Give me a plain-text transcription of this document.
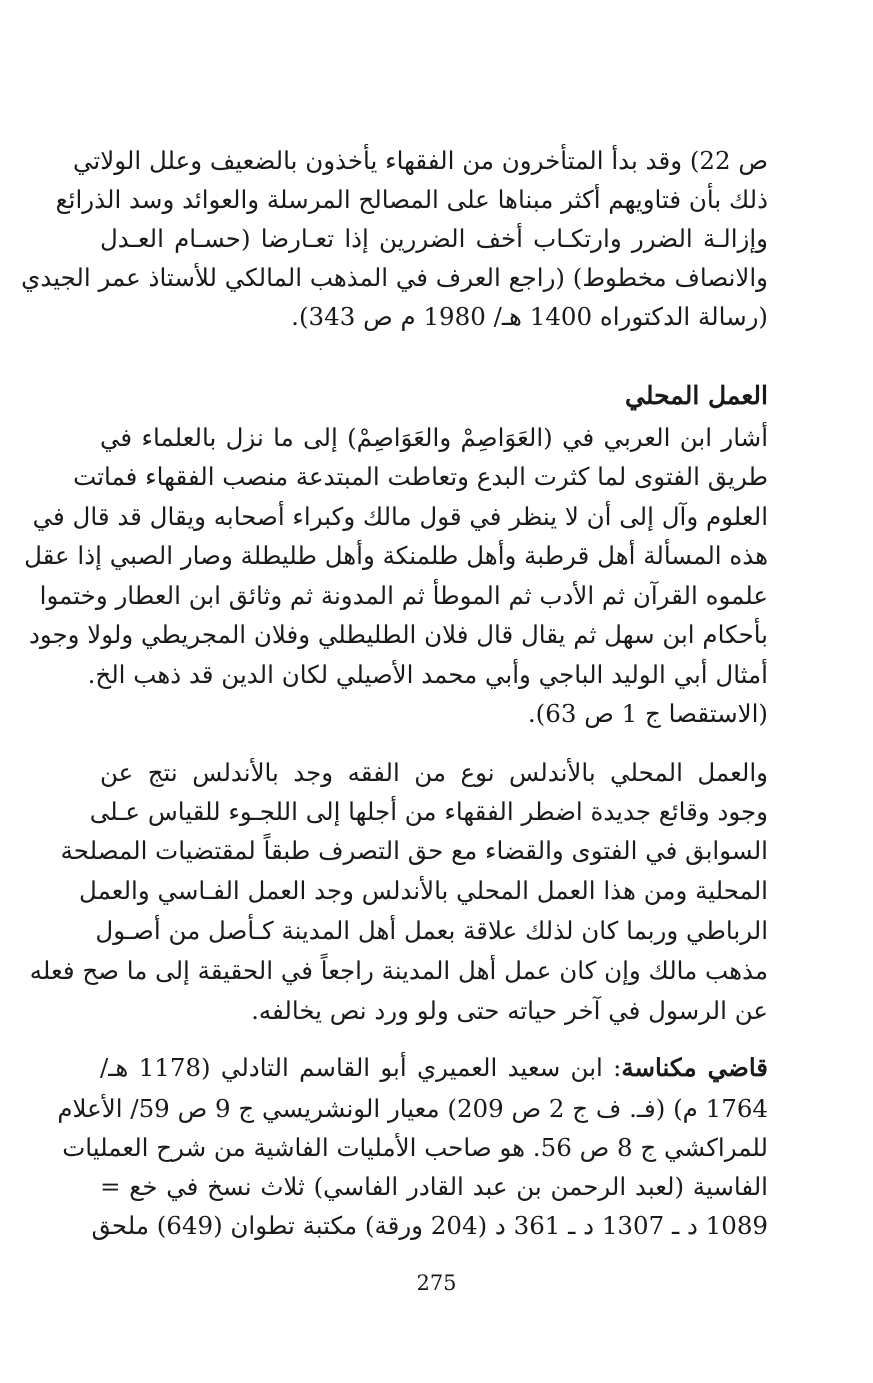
ص 22) وقد بدأ المتأخرون من الفقهاء يأخذون بالضعيف وعلل الولاتي
ذلك بأن فتاويهم أكثر مبناها على المصالح المرسلة والعوائد وسد الذرائع
وإزالـة الضرر وارتكـاب أخف الضررين إذا تعـارضا (حسـام العـدل
والانصاف مخطوط) (راجع العرف في المذهب المالكي للأستاذ عمر الجيدي
(رسالة الدكتوراه 1400 هـ/ 1980 م ص 343).
العمل المحلي
أشار ابن العربي في (العَوَاصِمْ والعَوَاصِمْ) إلى ما نزل بالعلماء في
طريق الفتوى لما كثرت البدع وتعاطت المبتدعة منصب الفقهاء فماتت
العلوم وآل إلى أن لا ينظر في قول مالك وكبراء أصحابه ويقال قد قال في
هذه المسألة أهل قرطبة وأهل طلمنكة وأهل طليطلة وصار الصبي إذا عقل
علموه القرآن ثم الأدب ثم الموطأ ثم المدونة ثم وثائق ابن العطار وختموا
بأحكام ابن سهل ثم يقال قال فلان الطليطلي وفلان المجريطي ولولا وجود
أمثال أبي الوليد الباجي وأبي محمد الأصيلي لكان الدين قد ذهب الخ.
(الاستقصا ج 1 ص 63).
والعمل المحلي بالأندلس نوع من الفقه وجد بالأندلس نتج عن
وجود وقائع جديدة اضطر الفقهاء من أجلها إلى اللجـوء للقياس عـلى
السوابق في الفتوى والقضاء مع حق التصرف طبقاً لمقتضيات المصلحة
المحلية ومن هذا العمل المحلي بالأندلس وجد العمل الفـاسي والعمل
الرباطي وربما كان لذلك علاقة بعمل أهل المدينة كـأصل من أصـول
مذهب مالك وإن كان عمل أهل المدينة راجعاً في الحقيقة إلى ما صح فعله
عن الرسول في آخر حياته حتى ولو ورد نص يخالفه.
قاضي مكناسة: ابن سعيد العميري أبو القاسم التادلي (1178 هـ/
1764 م) (فـ. ف ج 2 ص 209) معيار الونشريسي ج 9 ص 59/ الأعلام
للمراكشي ج 8 ص 56. هو صاحب الأمليات الفاشية من شرح العمليات
الفاسية (لعبد الرحمن بن عبد القادر الفاسي) ثلاث نسخ في خع =
1089 د ـ 1307 د ـ 361 د (204 ورقة) مكتبة تطوان (649) ملحق
275
